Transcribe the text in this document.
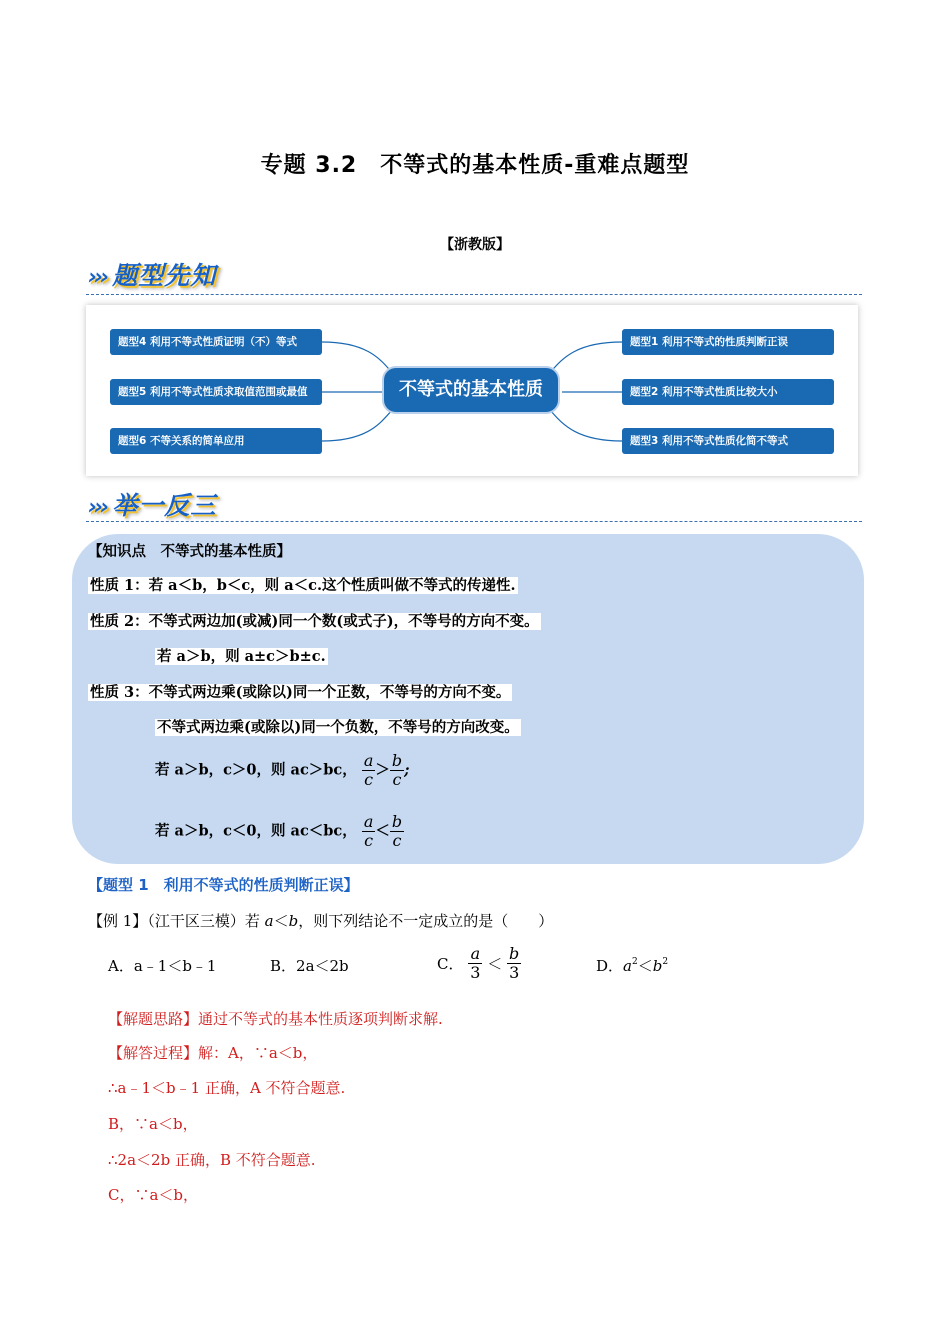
专题 3.2　不等式的基本性质-重难点题型
【浙教版】
››› 题型先知
题型4 利用不等式性质证明（不）等式
题型5 利用不等式性质求取值范围或最值
题型6 不等关系的简单应用
题型1 利用不等式的性质判断正误
题型2 利用不等式性质比较大小
题型3 利用不等式性质化简不等式
不等式的基本性质
››› 举一反三
【知识点　不等式的基本性质】
性质 1：若 a＜b，b＜c，则 a＜c.这个性质叫做不等式的传递性.
性质 2：不等式两边加(或减)同一个数(或式子)，不等号的方向不变。
若 a＞b，则 a±c＞b±c.
性质 3：不等式两边乘(或除以)同一个正数，不等号的方向不变。
不等式两边乘(或除以)同一个负数，不等号的方向改变。
若 a＞b，c＞0，则 ac＞bc， $\frac{a}{c} > \frac{b}{c}$ ;
若 a＞b，c＜0，则 ac＜bc， $\frac{a}{c} < \frac{b}{c}$
【题型 1　利用不等式的性质判断正误】
【例 1】（江干区三模）若 a＜b，则下列结论不一定成立的是（　　）
A．a﹣1＜b﹣1	B．2a＜2b	C． $\frac{a}{3} < \frac{b}{3}$	D．$a^2<b^2$
【解题思路】通过不等式的基本性质逐项判断求解.
【解答过程】解：A，∵a＜b，
∴a﹣1＜b﹣1 正确，A 不符合题意.
B，∵a＜b，
∴2a＜2b 正确，B 不符合题意.
C，∵a＜b，
